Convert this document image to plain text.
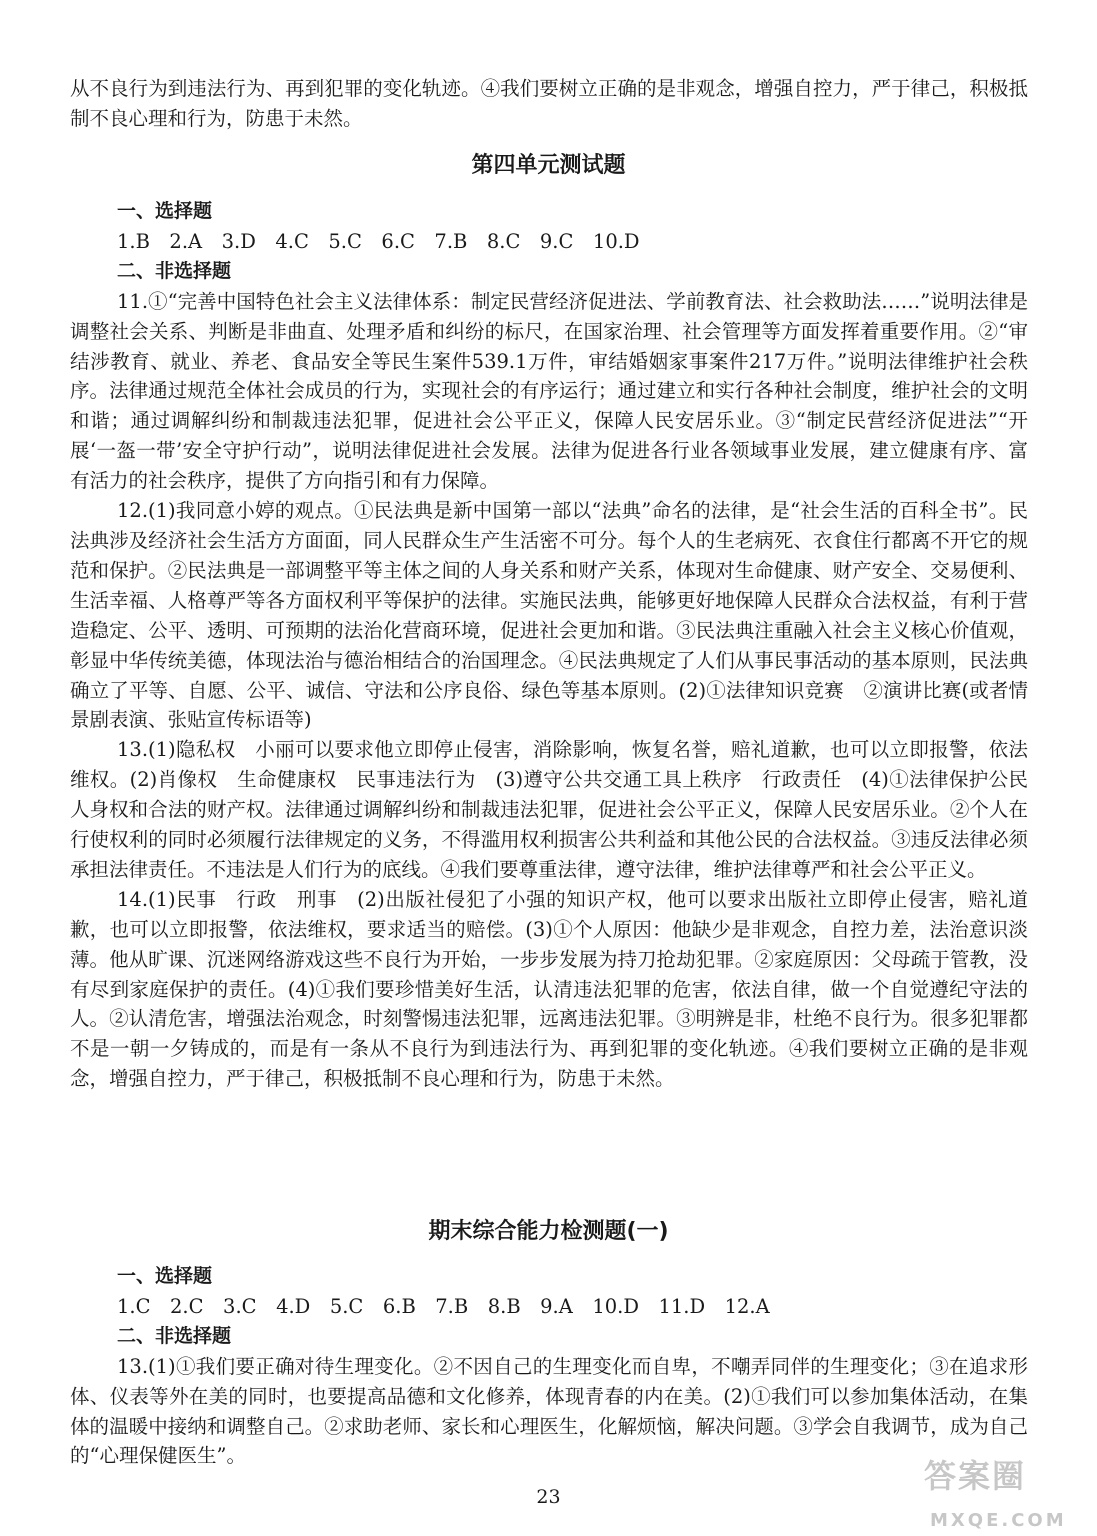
从不良行为到违法行为、再到犯罪的变化轨迹。④我们要树立正确的是非观念，增强自控力，严于律己，积极抵制不良心理和行为，防患于未然。

第四单元测试题

一、选择题

1.B　2.A　3.D　4.C　5.C　6.C　7.B　8.C　9.C　10.D

二、非选择题

11.①“完善中国特色社会主义法律体系：制定民营经济促进法、学前教育法、社会救助法……”说明法律是调整社会关系、判断是非曲直、处理矛盾和纠纷的标尺，在国家治理、社会管理等方面发挥着重要作用。②“审结涉教育、就业、养老、食品安全等民生案件539.1万件，审结婚姻家事案件217万件。”说明法律维护社会秩序。法律通过规范全体社会成员的行为，实现社会的有序运行；通过建立和实行各种社会制度，维护社会的文明和谐；通过调解纠纷和制裁违法犯罪，促进社会公平正义，保障人民安居乐业。③“制定民营经济促进法”“开展‘一盔一带’安全守护行动”，说明法律促进社会发展。法律为促进各行业各领域事业发展，建立健康有序、富有活力的社会秩序，提供了方向指引和有力保障。

12.(1)我同意小婷的观点。①民法典是新中国第一部以“法典”命名的法律，是“社会生活的百科全书”。民法典涉及经济社会生活方方面面，同人民群众生产生活密不可分。每个人的生老病死、衣食住行都离不开它的规范和保护。②民法典是一部调整平等主体之间的人身关系和财产关系，体现对生命健康、财产安全、交易便利、生活幸福、人格尊严等各方面权利平等保护的法律。实施民法典，能够更好地保障人民群众合法权益，有利于营造稳定、公平、透明、可预期的法治化营商环境，促进社会更加和谐。③民法典注重融入社会主义核心价值观，彰显中华传统美德，体现法治与德治相结合的治国理念。④民法典规定了人们从事民事活动的基本原则，民法典确立了平等、自愿、公平、诚信、守法和公序良俗、绿色等基本原则。(2)①法律知识竞赛　②演讲比赛(或者情景剧表演、张贴宣传标语等)

13.(1)隐私权　小丽可以要求他立即停止侵害，消除影响，恢复名誉，赔礼道歉，也可以立即报警，依法维权。(2)肖像权　生命健康权　民事违法行为　(3)遵守公共交通工具上秩序　行政责任　(4)①法律保护公民人身权和合法的财产权。法律通过调解纠纷和制裁违法犯罪，促进社会公平正义，保障人民安居乐业。②个人在行使权利的同时必须履行法律规定的义务，不得滥用权利损害公共利益和其他公民的合法权益。③违反法律必须承担法律责任。不违法是人们行为的底线。④我们要尊重法律，遵守法律，维护法律尊严和社会公平正义。

14.(1)民事　行政　刑事　(2)出版社侵犯了小强的知识产权，他可以要求出版社立即停止侵害，赔礼道歉，也可以立即报警，依法维权，要求适当的赔偿。(3)①个人原因：他缺少是非观念，自控力差，法治意识淡薄。他从旷课、沉迷网络游戏这些不良行为开始，一步步发展为持刀抢劫犯罪。②家庭原因：父母疏于管教，没有尽到家庭保护的责任。(4)①我们要珍惜美好生活，认清违法犯罪的危害，依法自律，做一个自觉遵纪守法的人。②认清危害，增强法治观念，时刻警惕违法犯罪，远离违法犯罪。③明辨是非，杜绝不良行为。很多犯罪都不是一朝一夕铸成的，而是有一条从不良行为到违法行为、再到犯罪的变化轨迹。④我们要树立正确的是非观念，增强自控力，严于律己，积极抵制不良心理和行为，防患于未然。

期末综合能力检测题(一)

一、选择题

1.C　2.C　3.C　4.D　5.C　6.B　7.B　8.B　9.A　10.D　11.D　12.A

二、非选择题

13.(1)①我们要正确对待生理变化。②不因自己的生理变化而自卑，不嘲弄同伴的生理变化；③在追求形体、仪表等外在美的同时，也要提高品德和文化修养，体现青春的内在美。(2)①我们可以参加集体活动，在集体的温暖中接纳和调整自己。②求助老师、家长和心理医生，化解烦恼，解决问题。③学会自我调节，成为自己的“心理保健医生”。

23
答案圈
MXQE.COM
